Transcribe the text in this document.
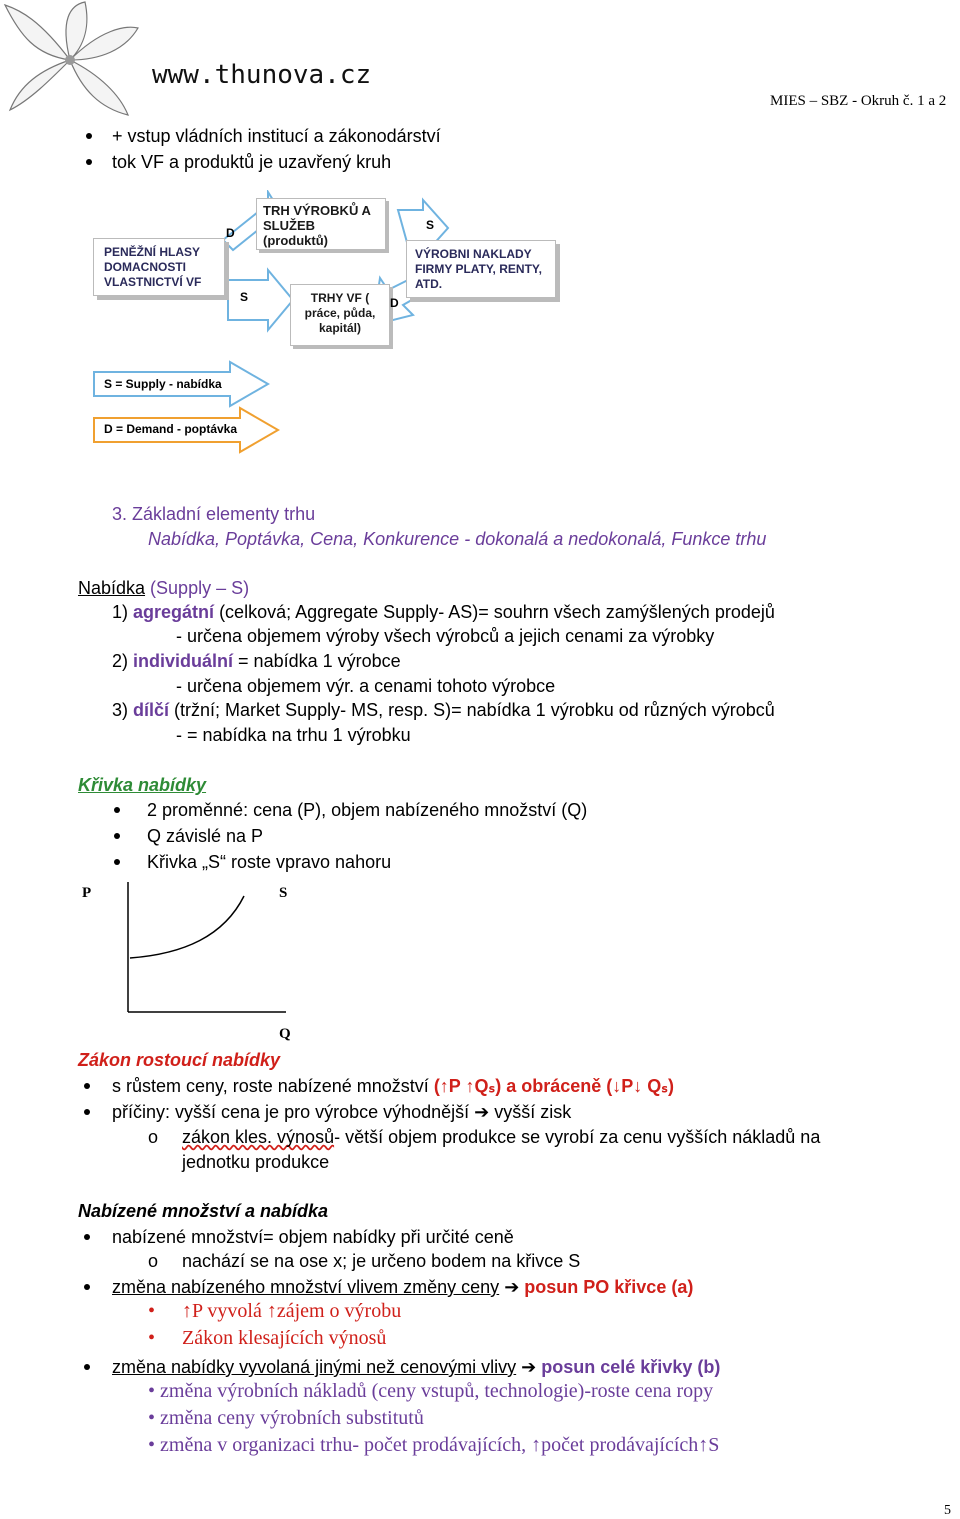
www.thunova.cz
MIES – SBZ - Okruh č. 1 a 2
+ vstup vládních institucí a zákonodárství
tok VF a produktů je uzavřený kruh
TRH VÝROBKŮ A SLUŽEB (produktů)
PENĚŽNÍ HLASY DOMACNOSTI VLASTNICTVÍ VF
VÝROBNI NAKLADY FIRMY PLATY, RENTY, ATD.
TRHY VF ( práce, půda, kapitál)
D
S
S	D
S = Supply - nabídka
D = Demand - poptávka
3. Základní elementy trhu
Nabídka, Poptávka, Cena, Konkurence - dokonalá a nedokonalá, Funkce trhu
Nabídka (Supply – S)
1) agregátní (celková; Aggregate Supply- AS)= souhrn všech zamýšlených prodejů
- určena objemem výroby všech výrobců a jejich cenami za výrobky
2) individuální = nabídka 1 výrobce
- určena objemem výr. a cenami tohoto výrobce
3) dílčí (tržní; Market Supply- MS, resp. S)= nabídka 1 výrobku od různých výrobců
- = nabídka na trhu 1 výrobku
Křivka nabídky
2 proměnné: cena (P), objem nabízeného množství (Q)
Q závislé na P
Křivka „S“ roste vpravo nahoru
P	S
Q
Zákon rostoucí nabídky
s růstem ceny, roste nabízené množství (↑P ↑Qₛ) a obráceně (↓P↓ Qₛ)
příčiny: vyšší cena je pro výrobce výhodnější ➔ vyšší zisk
o zákon kles. výnosů- větší objem produkce se vyrobí za cenu vyšších nákladů na
jednotku produkce
Nabízené množství a nabídka
nabízené množství= objem nabídky při určité ceně
o nachází se na ose x; je určeno bodem na křivce S
změna nabízeného množství vlivem změny ceny ➔ posun PO křivce (a)
• ↑P vyvolá ↑zájem o výrobu
• Zákon klesajících výnosů
změna nabídky vyvolaná jinými než cenovými vlivy ➔ posun celé křivky (b)
• změna výrobních nákladů (ceny vstupů, technologie)-roste cena ropy
• změna ceny výrobních substitutů
• změna v organizaci trhu- počet prodávajících, ↑počet prodávajících↑S
5
